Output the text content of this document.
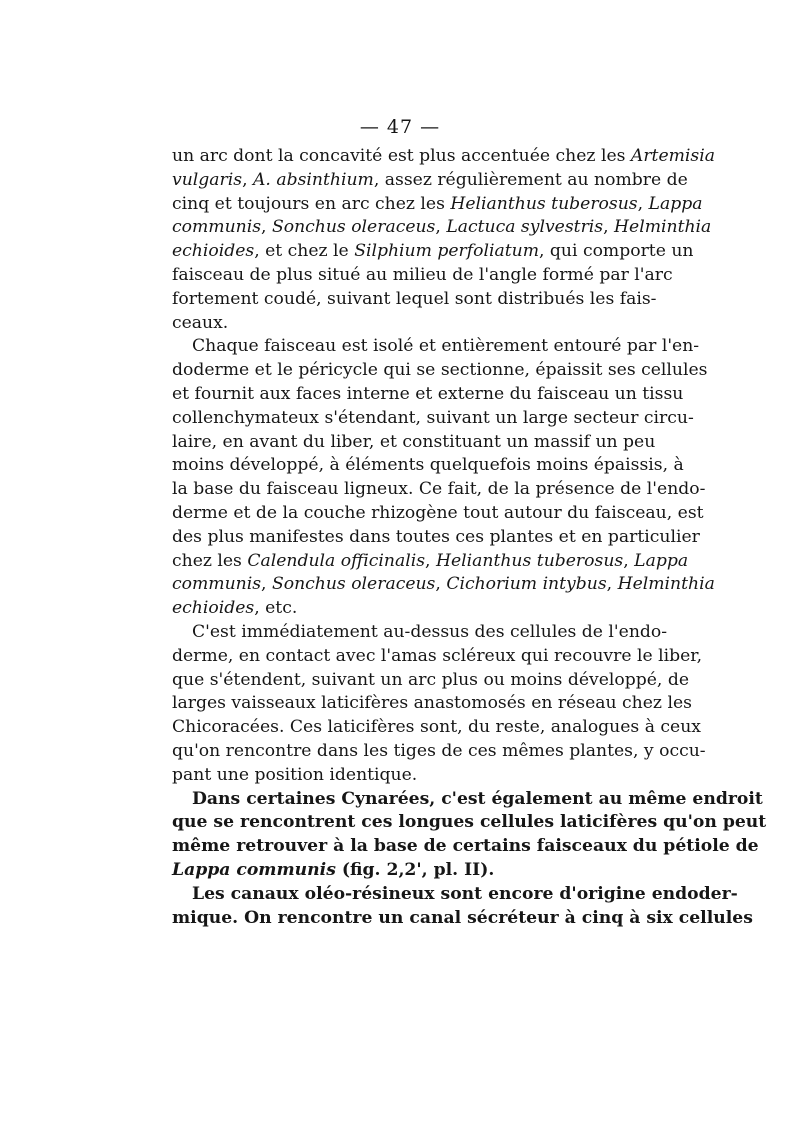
— 47 —
un arc dont la concavité est plus accentuée chez les Artemisia
vulgaris, A. absinthium, assez régulièrement au nombre de
cinq et toujours en arc chez les Helianthus tuberosus, Lappa
communis, Sonchus oleraceus, Lactuca sylvestris, Helminthia
echioides, et chez le Silphium perfoliatum, qui comporte un
faisceau de plus situé au milieu de l'angle formé par l'arc
fortement coudé, suivant lequel sont distribués les fais-
ceaux.
Chaque faisceau est isolé et entièrement entouré par l'en-
doderme et le péricycle qui se sectionne, épaissit ses cellules
et fournit aux faces interne et externe du faisceau un tissu
collenchymateux s'étendant, suivant un large secteur circu-
laire, en avant du liber, et constituant un massif un peu
moins développé, à éléments quelquefois moins épaissis, à
la base du faisceau ligneux. Ce fait, de la présence de l'endo-
derme et de la couche rhizogène tout autour du faisceau, est
des plus manifestes dans toutes ces plantes et en particulier
chez les Calendula officinalis, Helianthus tuberosus, Lappa
communis, Sonchus oleraceus, Cichorium intybus, Helminthia
echioides, etc.
C'est immédiatement au-dessus des cellules de l'endo-
derme, en contact avec l'amas scléreux qui recouvre le liber,
que s'étendent, suivant un arc plus ou moins développé, de
larges vaisseaux laticifères anastomosés en réseau chez les
Chicoracées. Ces laticifères sont, du reste, analogues à ceux
qu'on rencontre dans les tiges de ces mêmes plantes, y occu-
pant une position identique.
Dans certaines Cynarées, c'est également au même endroit
que se rencontrent ces longues cellules laticifères qu'on peut
même retrouver à la base de certains faisceaux du pétiole de
Lappa communis (fig. 2,2', pl. II).
Les canaux oléo-résineux sont encore d'origine endoder-
mique. On rencontre un canal sécréteur à cinq à six cellules
